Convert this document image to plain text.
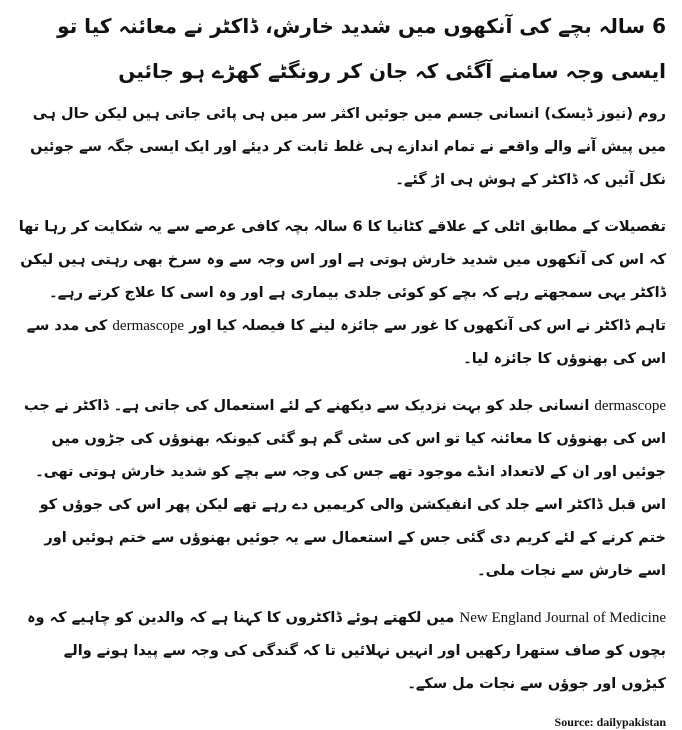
6 سالہ بچے کی آنکھوں میں شدید خارش، ڈاکٹر نے معائنہ کیا تو ایسی وجہ سامنے آگئی کہ جان کر رونگٹے کھڑے ہو جائیں

روم (نیوز ڈیسک) انسانی جسم میں جوئیں اکثر سر میں ہی پائی جاتی ہیں لیکن حال ہی میں پیش آنے والے واقعے نے تمام اندازے ہی غلط ثابت کر دیئے اور ایک ایسی جگہ سے جوئیں نکل آئیں کہ ڈاکٹر کے ہوش ہی اڑ گئے۔

تفصیلات کے مطابق اٹلی کے علاقے کٹانیا کا 6 سالہ بچہ کافی عرصے سے یہ شکایت کر رہا تھا کہ اس کی آنکھوں میں شدید خارش ہوتی ہے اور اس وجہ سے وہ سرخ بھی رہتی ہیں لیکن ڈاکٹر یہی سمجھتے رہے کہ بچے کو کوئی جلدی بیماری ہے اور وہ اسی کا علاج کرتے رہے۔ تاہم ڈاکٹر نے اس کی آنکھوں کا غور سے جائزہ لینے کا فیصلہ کیا اور dermascope کی مدد سے اس کی بھنوؤں کا جائزہ لیا۔

dermascope انسانی جلد کو بہت نزدیک سے دیکھنے کے لئے استعمال کی جاتی ہے۔ ڈاکٹر نے جب اس کی بھنوؤں کا معائنہ کیا تو اس کی سٹی گم ہو گئی کیونکہ بھنوؤں کی جڑوں میں جوئیں اور ان کے لاتعداد انڈے موجود تھے جس کی وجہ سے بچے کو شدید خارش ہوتی تھی۔ اس قبل ڈاکٹر اسے جلد کی انفیکشن والی کریمیں دے رہے تھے لیکن پھر اس کی جوؤں کو ختم کرنے کے لئے کریم دی گئی جس کے استعمال سے یہ جوئیں بھنوؤں سے ختم ہوئیں اور اسے خارش سے نجات ملی۔

New England Journal of Medicine میں لکھتے ہوئے ڈاکٹروں کا کہنا ہے کہ والدین کو چاہیے کہ وہ بچوں کو صاف ستھرا رکھیں اور انہیں نہلائیں تا کہ گندگی کی وجہ سے پیدا ہونے والے کیڑوں اور جوؤں سے نجات مل سکے۔

Source: dailypakistan
